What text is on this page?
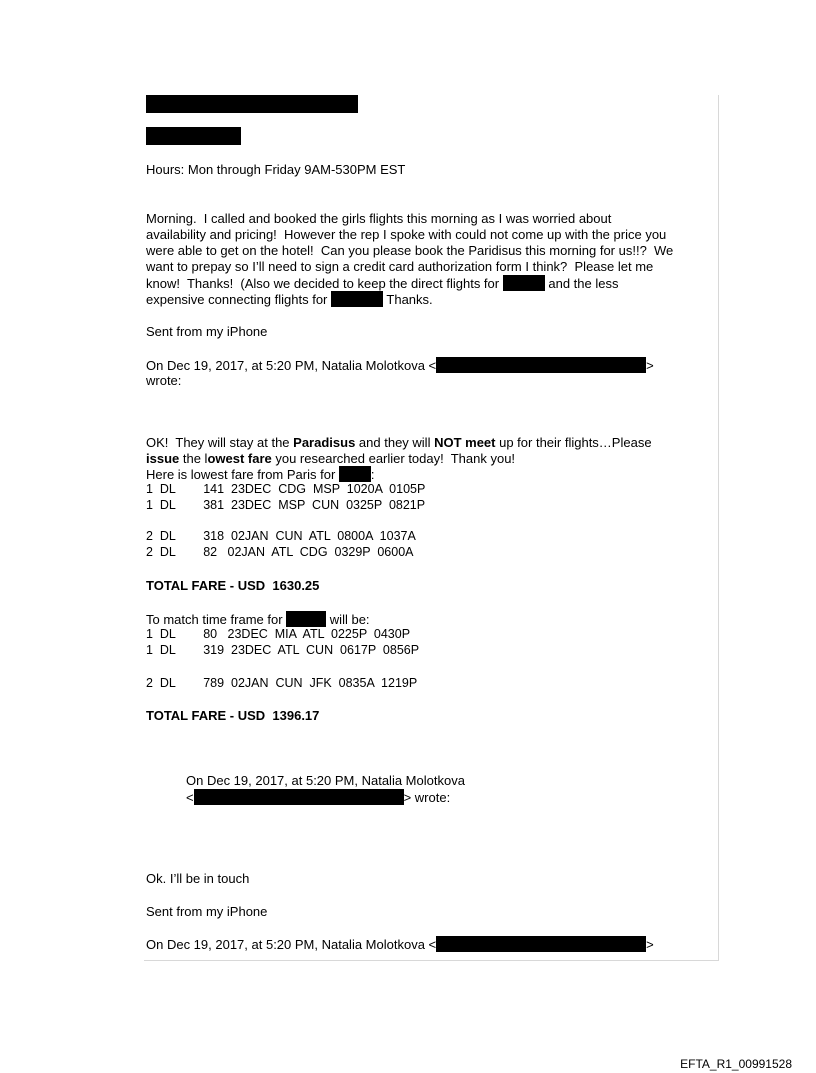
Hours: Mon through Friday 9AM-530PM EST
Morning.  I called and booked the girls flights this morning as I was worried about
availability and pricing!  However the rep I spoke with could not come up with the price you
were able to get on the hotel!  Can you please book the Paridisus this morning for us!!?  We
want to prepay so I’ll need to sign a credit card authorization form I think?  Please let me
know!  Thanks!  (Also we decided to keep the direct flights for	and the less
expensive connecting flights for	Thanks.
Sent from my iPhone
On Dec 19, 2017, at 5:20 PM, Natalia Molotkova <	>
wrote:
OK!  They will stay at the Paradisus and they will NOT meet up for their flights…Please
issue the lowest fare you researched earlier today!  Thank you!
Here is lowest fare from Paris for	:
1  DL        141  23DEC  CDG  MSP  1020A  0105P
1  DL        381  23DEC  MSP  CUN  0325P  0821P
2  DL        318  02JAN  CUN  ATL  0800A  1037A
2  DL        82   02JAN  ATL  CDG  0329P  0600A
TOTAL FARE - USD  1630.25
To match time frame for	will be:
1  DL        80   23DEC  MIA  ATL  0225P  0430P
1  DL        319  23DEC  ATL  CUN  0617P  0856P
2  DL        789  02JAN  CUN  JFK  0835A  1219P
TOTAL FARE - USD  1396.17
On Dec 19, 2017, at 5:20 PM, Natalia Molotkova
<	> wrote:
Ok. I’ll be in touch
Sent from my iPhone
On Dec 19, 2017, at 5:20 PM, Natalia Molotkova <	>
EFTA_R1_00991528
